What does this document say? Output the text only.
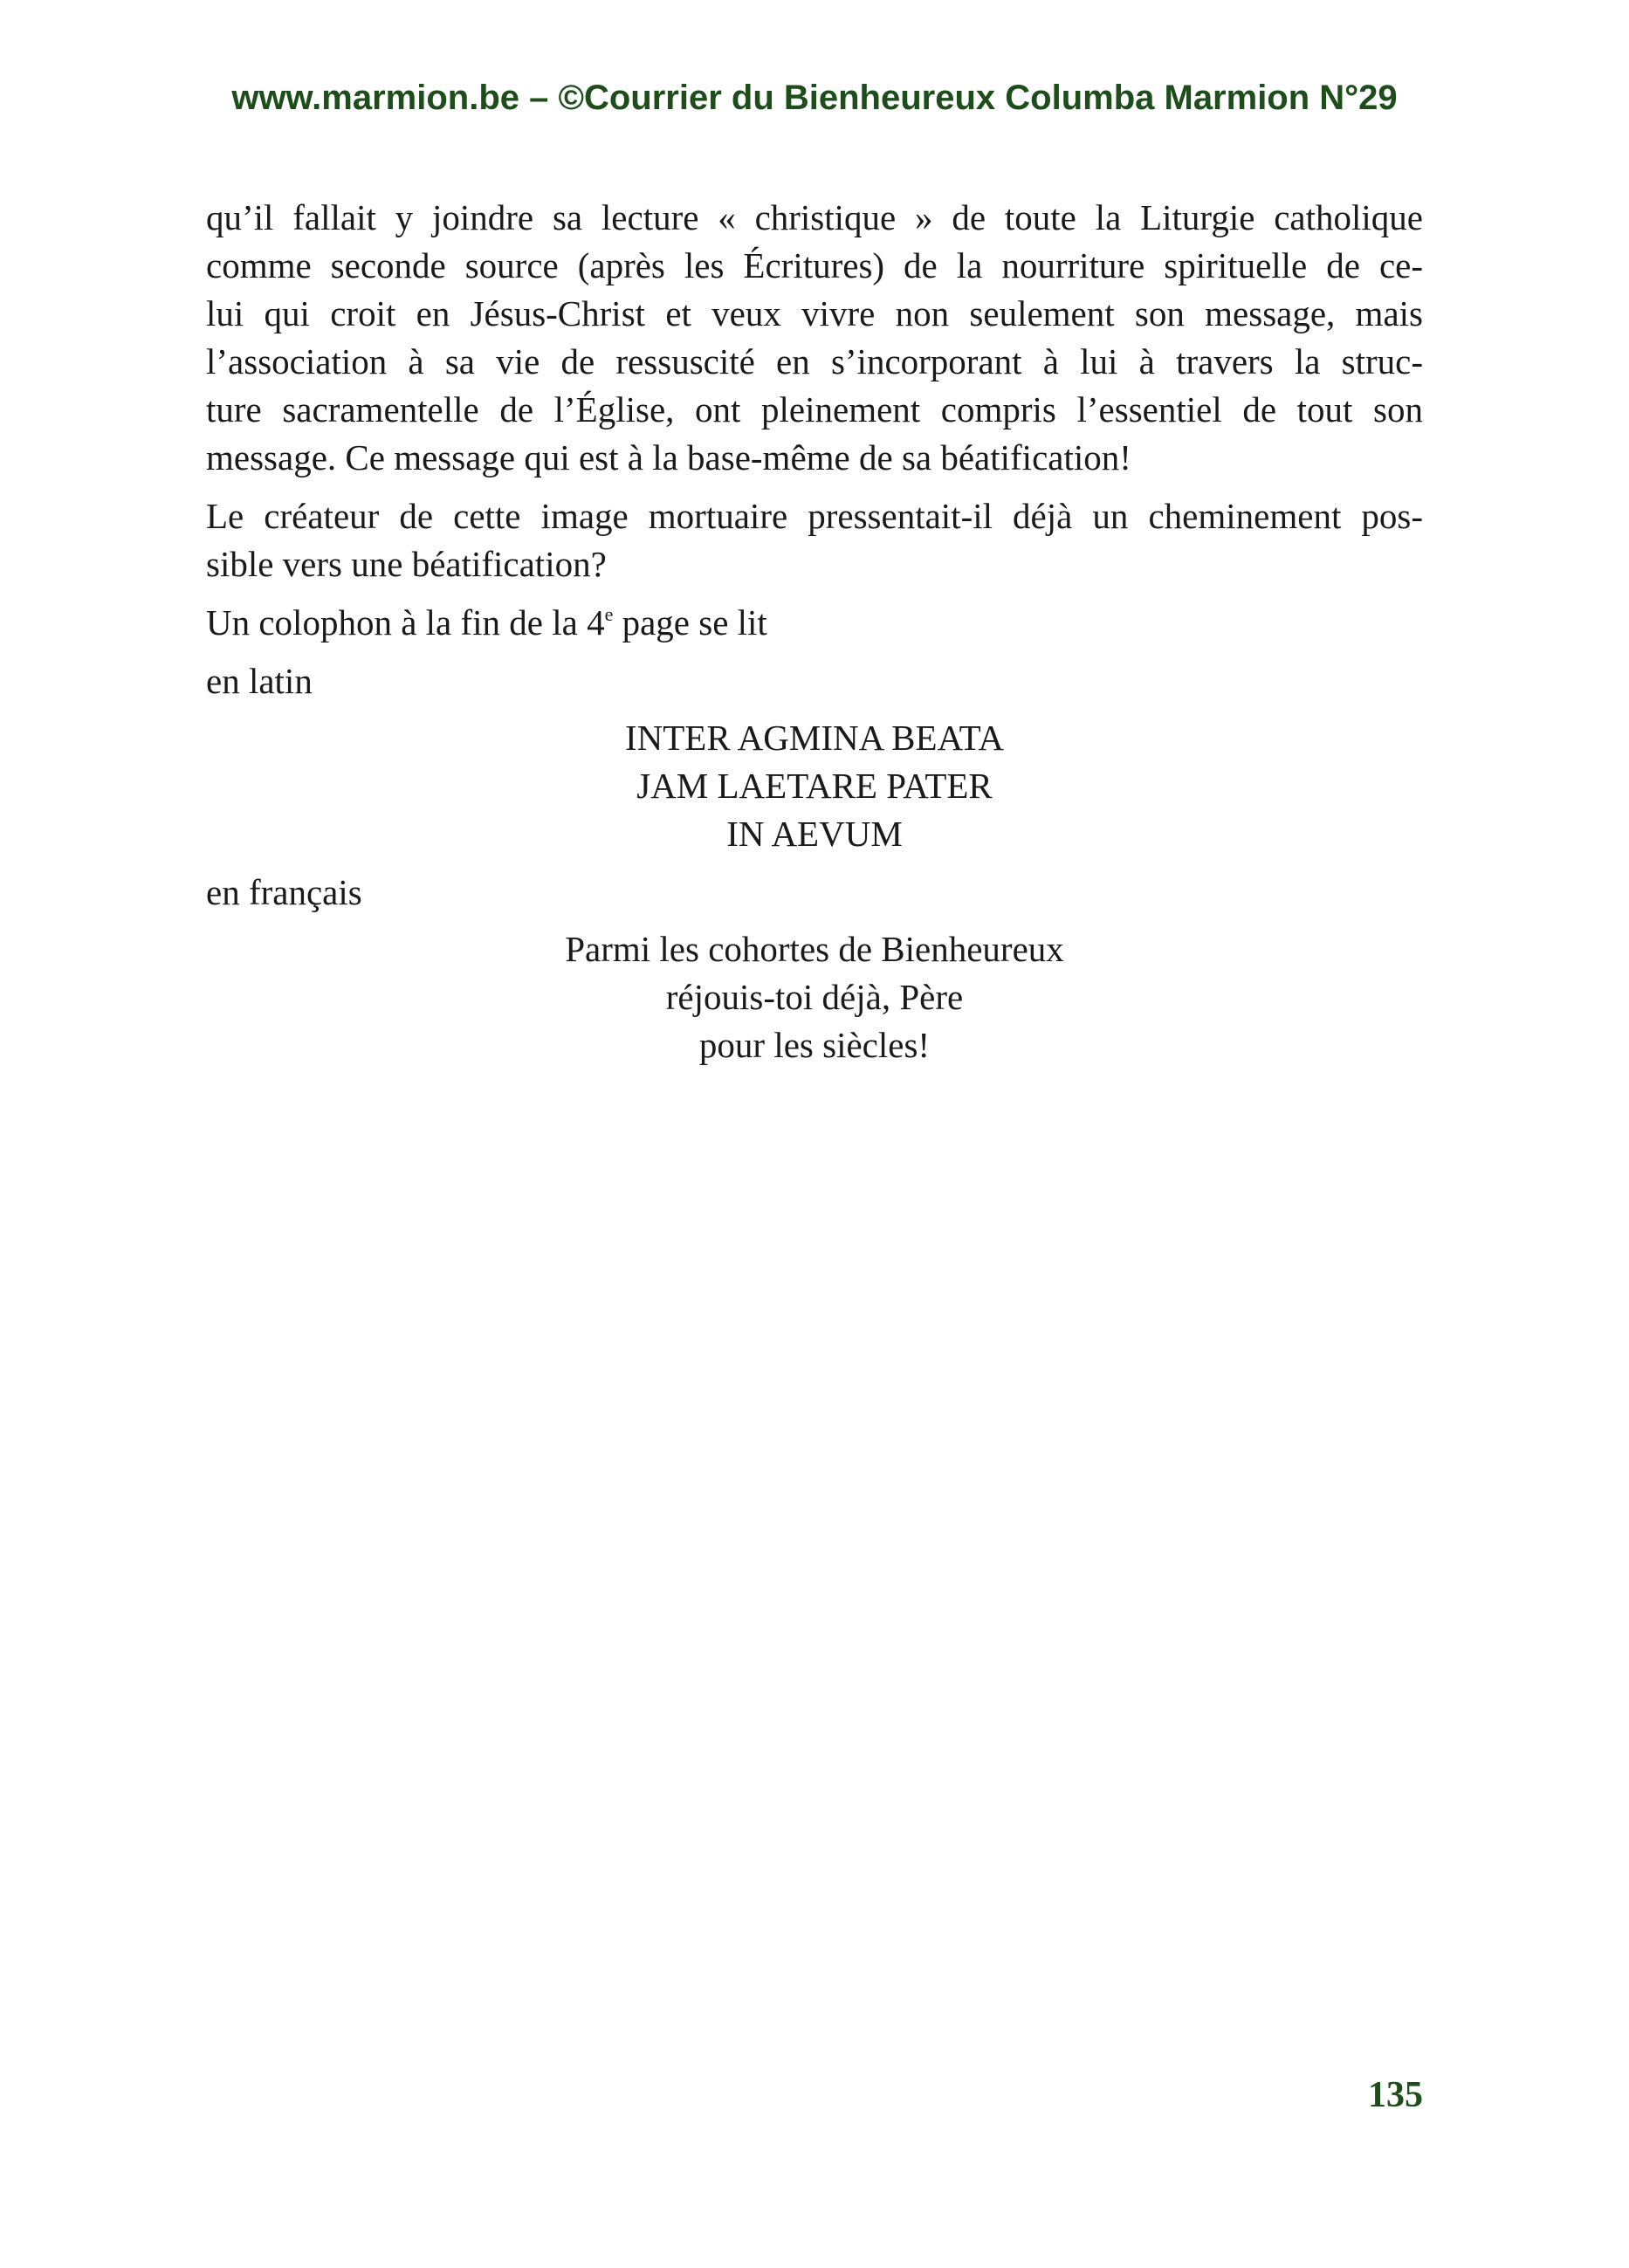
www.marmion.be – ©Courrier du Bienheureux Columba Marmion N°29

qu’il fallait y joindre sa lecture « christique » de toute la Liturgie catholique
comme seconde source (après les Écritures) de la nourriture spirituelle de ce-
lui qui croit en Jésus-Christ et veux vivre non seulement son message, mais
l’association à sa vie de ressuscité en s’incorporant à lui à travers la struc-
ture sacramentelle de l’Église, ont pleinement compris l’essentiel de tout son
message. Ce message qui est à la base-même de sa béatification!

Le créateur de cette image mortuaire pressentait-il déjà un cheminement pos-
sible vers une béatification?

Un colophon à la fin de la 4e page se lit

en latin

INTER AGMINA BEATA
JAM LAETARE PATER
IN AEVUM

en français

Parmi les cohortes de Bienheureux
réjouis-toi déjà, Père
pour les siècles!

135
